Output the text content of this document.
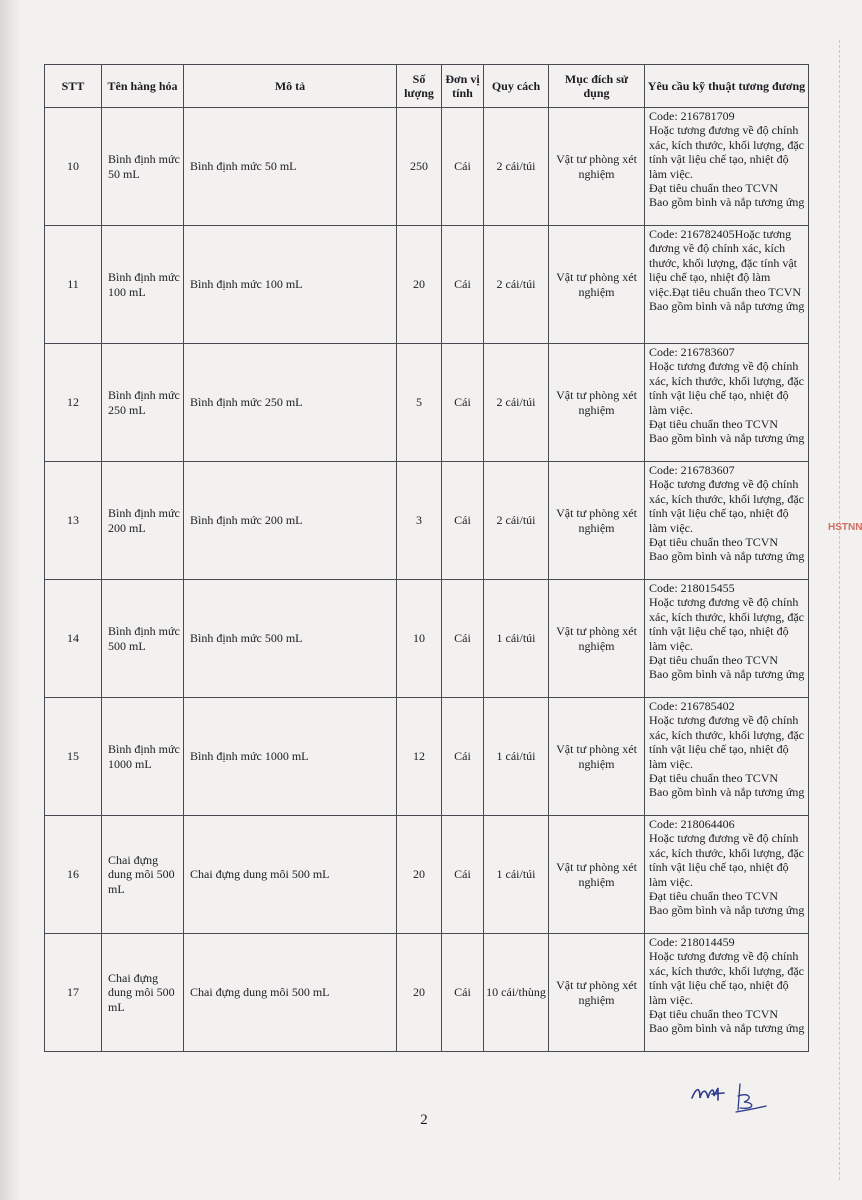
STT	Tên hàng hóa	Mô tả	Số lượng	Đơn vị tính	Quy cách	Mục đích sử dụng	Yêu cầu kỹ thuật tương đương
10	Bình định mức 50 mL	Bình định mức 50 mL	250	Cái	2 cái/túi	Vật tư phòng xét nghiệm	Code: 216781709
Hoặc tương đương về độ chính xác, kích thước, khối lượng, đặc tính vật liệu chế tạo, nhiệt độ làm việc.
Đạt tiêu chuẩn theo TCVN
Bao gồm bình và nắp tương ứng

11	Bình định mức 100 mL	Bình định mức 100 mL	20	Cái	2 cái/túi	Vật tư phòng xét nghiệm	Code: 216782405Hoặc tương đương về độ chính xác, kích thước, khối lượng, đặc tính vật liệu chế tạo, nhiệt độ làm việc.Đạt tiêu chuẩn theo TCVN
Bao gồm bình và nắp tương ứng

12	Bình định mức 250 mL	Bình định mức 250 mL	5	Cái	2 cái/túi	Vật tư phòng xét nghiệm	Code: 216783607
Hoặc tương đương về độ chính xác, kích thước, khối lượng, đặc tính vật liệu chế tạo, nhiệt độ làm việc.
Đạt tiêu chuẩn theo TCVN
Bao gồm bình và nắp tương ứng

13	Bình định mức 200 mL	Bình định mức 200 mL	3	Cái	2 cái/túi	Vật tư phòng xét nghiệm	Code: 216783607
Hoặc tương đương về độ chính xác, kích thước, khối lượng, đặc tính vật liệu chế tạo, nhiệt độ làm việc.
Đạt tiêu chuẩn theo TCVN
Bao gồm bình và nắp tương ứng

14	Bình định mức 500 mL	Bình định mức 500 mL	10	Cái	1 cái/túi	Vật tư phòng xét nghiệm	Code: 218015455
Hoặc tương đương về độ chính xác, kích thước, khối lượng, đặc tính vật liệu chế tạo, nhiệt độ làm việc.
Đạt tiêu chuẩn theo TCVN
Bao gồm bình và nắp tương ứng

15	Bình định mức 1000 mL	Bình định mức 1000 mL	12	Cái	1 cái/túi	Vật tư phòng xét nghiệm	Code: 216785402
Hoặc tương đương về độ chính xác, kích thước, khối lượng, đặc tính vật liệu chế tạo, nhiệt độ làm việc.
Đạt tiêu chuẩn theo TCVN
Bao gồm bình và nắp tương ứng

16	Chai đựng dung môi 500 mL	Chai đựng dung môi 500 mL	20	Cái	1 cái/túi	Vật tư phòng xét nghiệm	Code: 218064406
Hoặc tương đương về độ chính xác, kích thước, khối lượng, đặc tính vật liệu chế tạo, nhiệt độ làm việc.
Đạt tiêu chuẩn theo TCVN
Bao gồm bình và nắp tương ứng

17	Chai đựng dung môi 500 mL	Chai đựng dung môi 500 mL	20	Cái	10 cái/thùng	Vật tư phòng xét nghiệm	Code: 218014459
Hoặc tương đương về độ chính xác, kích thước, khối lượng, đặc tính vật liệu chế tạo, nhiệt độ làm việc.
Đạt tiêu chuẩn theo TCVN
Bao gồm bình và nắp tương ứng
HSTNN
2
